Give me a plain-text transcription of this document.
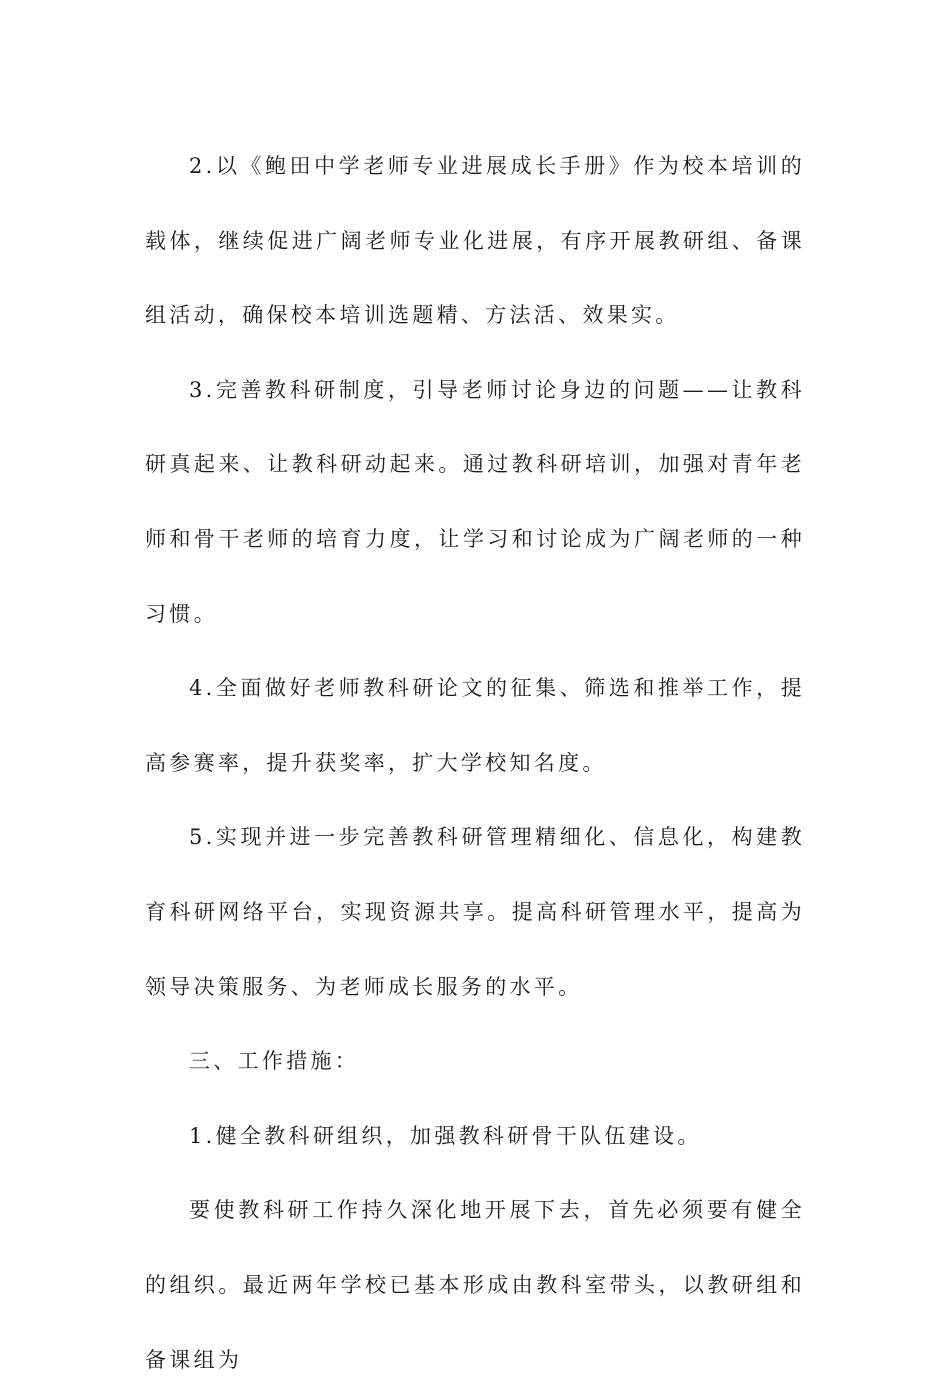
2.以《鲍田中学老师专业进展成长手册》作为校本培训的载体，继续促进广阔老师专业化进展，有序开展教研组、备课组活动，确保校本培训选题精、方法活、效果实。

3.完善教科研制度，引导老师讨论身边的问题——让教科研真起来、让教科研动起来。通过教科研培训，加强对青年老师和骨干老师的培育力度，让学习和讨论成为广阔老师的一种习惯。

4.全面做好老师教科研论文的征集、筛选和推举工作，提高参赛率，提升获奖率，扩大学校知名度。

5.实现并进一步完善教科研管理精细化、信息化，构建教育科研网络平台，实现资源共享。提高科研管理水平，提高为领导决策服务、为老师成长服务的水平。

三、工作措施：

1.健全教科研组织，加强教科研骨干队伍建设。

要使教科研工作持久深化地开展下去，首先必须要有健全的组织。最近两年学校已基本形成由教科室带头，以教研组和备课组为
